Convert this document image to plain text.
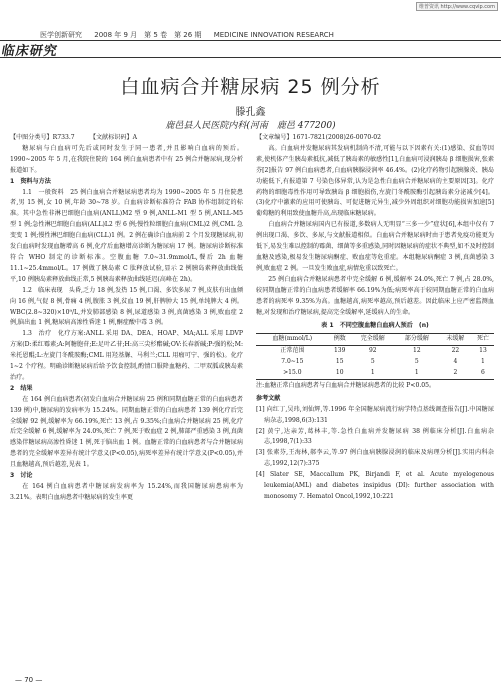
维普资讯 http://www.cqvip.com
医学创新研究 2008 年 9 月　第 5 卷　第 26 期 MEDICINE INNOVATION RESEARCH
临床研究
白血病合并糖尿病 25 例分析
滕孔鑫
鹿邑县人民医院内科(河南　鹿邑 477200)

【中图分类号】R733.7　　　【文献标识码】A

糖尿病与白血病可先后或同时发生于同一患者,并且影响白血病的预后。1990~2005 年 5 月,在我院住院的 164 例白血病患者中有 25 例合并糖尿病,现分析报道如下。

1　资料与方法

1.1　一般资料　25 例白血病合并糖尿病患者均为 1990~2005 年 5 月住院患者,男 15 例,女 10 例,年龄 30~78 岁。白血病诊断标准符合 FAB 协作组制定的标准。其中急性非淋巴细胞白血病(ANLL)M2 型 9 例,ANLL-M1 型 5 例,ANLL-M5 型 1 例;急性淋巴细胞白血病(ALL)L2 型 6 例;慢性粒细胞白血病(CML)2 例,CML 急变变 1 例;慢性淋巴细胞白血病(CLL)1 例。2 例在确诊白血病前 2 个月发现糖尿病,初发白血病时发现血糖增高 6 例,化疗后血糖增高诊断为糖尿病 17 例。糖尿病诊断标准符合 WHO 制定的诊断标准。空腹血糖 7.0~31.9mmol/L,餐后 2h 血糖 11.1~25.4mmol/L。17 例做了胰岛素 C 肽释放试验,显示 2 例胰岛素释放曲线低平,10 例胰岛素释放曲线正常,5 例胰岛素释放曲线延迟(高峰在 2h)。

1.2　临床表现　头昏,乏力 18 例,发热 15 例,口渴、多饮多尿 7 例,皮肤有出血倾向 16 例,气促 8 例,骨痛 4 例,腹胀 3 例,贫血 19 例,肝脾肿大 15 例,单纯脾大 4 例。WBC(2.8~320)×10⁹/L,并发肺部感染 8 例,尿道感染 3 例,真菌感染 3 例,败血症 2 例,脑出血 1 例,糖尿病高渗性昏迷 1 例,酮症酸中毒 3 例。

1.3　治疗　化疗方案:ANLL 采用 DA、DEA、HOAP、MA;ALL 采用 LDVP 方案(D:柔红霉素;A:阿糖胞苷;E:足叶乙苷;H:高三尖杉酯碱;OV:长春新碱;P:强的松;M:米托恩醌;L:左旋门冬酰胺酶;CML 用羟基脲、马利兰;CLL 用瘤可宁、强的松)。化疗 1~2 个疗程。明确诊断糖尿病后给予饮食控制,酌情口服降血糖药、二甲双胍或胰岛素治疗。

2　结果

在 164 例白血病患者(初发白血病合并糖尿病 25 例和同期血糖正常的白血病患者 139 例)中,糖尿病的发病率为 15.24%。同期血糖正常的白血病患者 139 例化疗后完全缓解 92 例,缓解率为 66.19%,死亡 13 例,占 9.35%;白血病合并糖尿病 25 例,化疗后完全缓解 6 例,缓解率为 24.0%,死亡 7 例,死于败血症 2 例,肺部严重感染 3 例,真菌感染伴糖尿病高渗性昏迷 1 例,死于脑出血 1 例。血糖正常的白血病患者与合并糖尿病患者的完全缓解率差异有统计学意义(P<0.05),病死率差异有统计学意义(P<0.05),并且血糖越高,预后越差,见表 1。

3　讨论

在 164 例白血病患者中糖尿病发病率为 15.24%,而我国糖尿病患病率为 3.21%。表明白血病患者中糖尿病的发生率更

【文章编号】1671-7821(2008)26-0070-02

高。白血病并发糖尿病其发病机制尚不清,可能与以下因素有关:(1)感染、贫血等因素,使机体产生胰岛素抵抗,减低了胰岛素的敏感性[1],白血病可浸润胰岛 β 细胞损害,张素芬[2]报告 97 例白血病患者,白血病胰腺浸润率 46.4%。(2)化疗药物引起胰腺炎、胰岛功能低下,有报道第 7 号染色体异常,认为是急性白血病合并糖尿病的主要原因[3]。化疗药物的细胞毒性作用可导致胰岛 β 细胞损伤,左旋门冬酰胺酶引起胰岛素分泌减少[4]。(3)化疗中激素的应用可使胰岛、可促进糖元异生,减少外周组织对细胞功能损害加速[5]葡萄糖的利用致使血糖升高,出现临床糖尿病。

白血病合并糖尿病国内已有报道,多数病人无明显“三多一少”症状[6],本组中仅有 7 例出现口渴、多饮、多尿,与文献报道相似。白血病合并糖尿病时由于患者免疫功能更为低下,易发生难以控制的霉菌、细菌等多重感染,同时因糖尿病的症状不典型,如不及时控制血糖及感染,极易发生糖尿病酮症、败血症等危重症。本组糖尿病酮症 3 例,真菌感染 3 例,败血症 2 例。一旦发生败血症,病情危重以致死亡。

25 例白血病合并糖尿病患者中完全缓解 6 例,缓解率 24.0%,死亡 7 例,占 28.0%,较同期血糖正常的白血病患者缓解率 66.19%为低;病死率高于较同期血糖正常的白血病患者的病死率 9.35%为高。血糖越高,病死率越高,预后越差。因此临床上应严密监测血糖,对发现和治疗糖尿病,提高完全缓解率,延缓病人的生命。

表 1　不同空腹血糖白血病人预后　(n)
血糖(mmol/L)	例数	完全缓解	部分缓解	未缓解	死亡
正常范围	139	92	12	22	13
7.0~15	15	5	5	4	1
>15.0	10	1	1	2	6

注:血糖正常白血病患者与白血病合并糖尿病患者的比较 P<0.05。

参考文献

[1] 向红丁,吴玮,刘仙辉,等.1996 年全国糖尿病流行病学特点基线调查报告[J].中国糖尿病杂志,1998,6(3):131

[2] 黄宁,达亲芳,葛林丰,等.急性白血病并发糖尿病 38 例临床分析[J].白血病杂志,1998,7(1):33

[3] 张素芬,王海林,郝李云,等.97 例白血病胰腺浸润的临床及病理分析[J].实用内科杂志,1992,12(7):375

[4] Slater SE, Maccallum PK, Birjandi F, et al. Acute myelogenous leukemia(AML) and diabetes insipidus (DI): further association with monosomy 7. Hematol Oncol,1992,10:221

— 70 —
